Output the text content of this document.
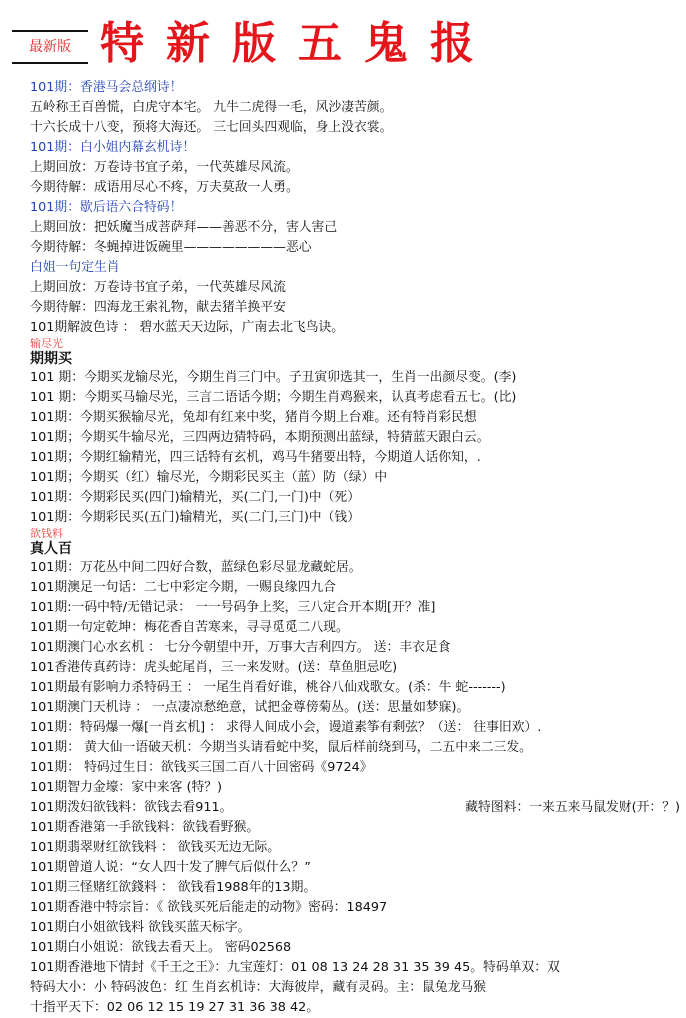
最新版 特新版五鬼报
101期：香港马会总纲诗！
五岭称王百兽慌，白虎守本宅。 九牛二虎得一毛，风沙凄苦颜。
十六长成十八变，预将大海还。 三七回头四观临，身上没衣裳。
101期：白小姐内幕玄机诗！
上期回放：万卷诗书宜子弟，一代英雄尽风流。
今期待解：成语用尽心不疼，万夫莫敌一人勇。
101期：歇后语六合特码！
上期回放：把妖魔当成菩萨拜——善恶不分，害人害己
今期待解：冬蝇掉进饭碗里————————恶心
白姐一句定生肖
上期回放：万卷诗书宜子弟，一代英雄尽风流
今期待解：四海龙王索礼物，献去猪羊换平安
101期解波色诗 ： 碧水蓝天天边际，广南去北飞鸟诀。
输尽光
期期买
101 期：今期买龙输尽光，今期生肖三门中。子丑寅卯选其一，生肖一出颜尽变。(李)
101 期：今期买马输尽光，三言二语话今期；今期生肖鸡猴来，认真考虑看五七。(比)
101期：今期买猴输尽光，兔却有红来中奖，猪肖今期上台难。还有特肖彩民想
101期；今期买牛输尽光，三四两边猜特码，本期预测出蓝绿，特猜蓝天跟白云。
101期；今期红输精光，四三话特有玄机，鸡马牛猪要出特，今期道人话你知，.
101期；今期买（红）输尽光，今期彩民买主（蓝）防（绿）中
101期：今期彩民买(四门)输精光，买(二门,一门)中（死）
101期：今期彩民买(五门)输精光，买(二门,三门)中（钱）
欲钱料
真人百
101期：万花丛中间二四好合数，蓝绿色彩尽显龙藏蛇居。
101期澳足一句话：二七中彩定今期，一赐良缘四九合
101期:一码中特/无错记录： 一一号码争上奖，三八定合开本期[开？准]
101期一句定乾坤：梅花香自苦寒来，寻寻觅觅二八现。
101期澳门心水玄机 ： 七分今朝望中开，万事大吉利四方。 送：丰衣足食
101香港传真药诗：虎头蛇尾肖，三一来发财。(送：草鱼胆忌吃)
101期最有影响力杀特码王 ： 一尾生肖看好谁，桃谷八仙戏歌女。(杀：牛 蛇-------)
101期澳门天机诗 ： 一点凄凉愁绝意，试把金尊傍菊丛。(送：思量如梦寐)。
101期：特码爆一爆[一肖玄机] ： 求得人间成小会，谩道素筝有剩弦？（送： 往事旧欢）.
101期： 黄大仙一语破天机：今期当头请看蛇中奖，鼠后样前绕到马，二五中来二三发。
101期： 特码过生日：欲钱买三国二百八十回密码《9724》
101期智力金壕：家中来客 (特？)
101期泼妇欲钱料：欲钱去看911。	藏特图料：一来五来马鼠发财(开：？)
101期香港第一手欲钱料：欲钱看野猴。
101期翡翠财红欲钱料 ： 欲钱买无边无际。
101期曾道人说：“女人四十发了脾气后似什么？”
101期三怪赌红欲錢料 ： 欲钱看1988年的13期。
101期香港中特宗旨：《 欲钱买死后能走的动物》密码：18497
101期白小姐欲钱料 欲钱买蓝天标字。
101期白小姐说：欲钱去看天上。 密码02568
101期香港地下情封《千王之王》：九宝莲灯：01 08 13 24 28 31 35 39 45。特码单双：双
特码大小：小 特码波色：红 生肖玄机诗：大海彼岸，藏有灵码。主：鼠兔龙马猴
十指平天下：02 06 12 15 19 27 31 36 38 42。
